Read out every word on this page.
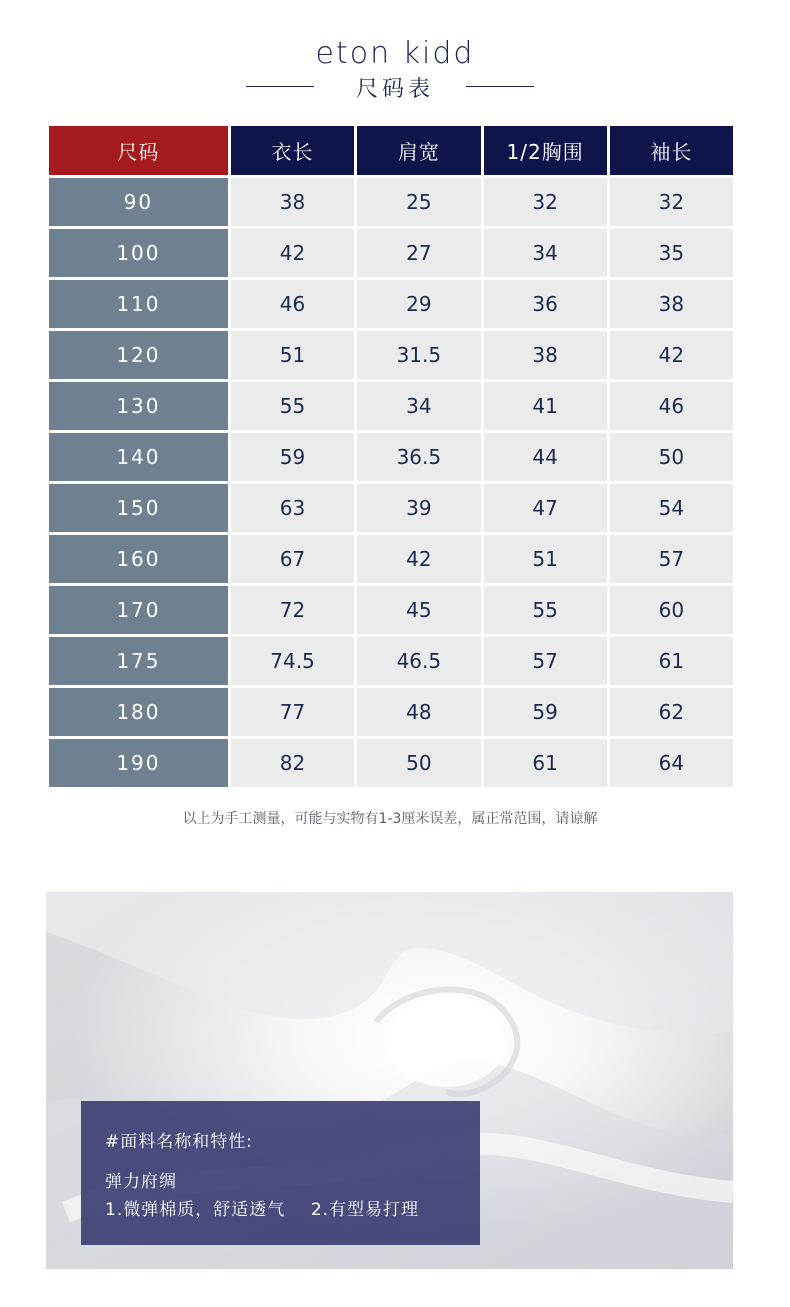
eton kidd
尺码表
尺码	衣长	肩宽	1/2胸围	袖长
90	38	25	32	32
100	42	27	34	35
110	46	29	36	38
120	51	31.5	38	42
130	55	34	41	46
140	59	36.5	44	50
150	63	39	47	54
160	67	42	51	57
170	72	45	55	60
175	74.5	46.5	57	61
180	77	48	59	62
190	82	50	61	64
以上为手工测量，可能与实物有1-3厘米误差，属正常范围，请谅解
#面料名称和特性:
弹力府绸
1.微弹棉质，舒适透气    2.有型易打理
